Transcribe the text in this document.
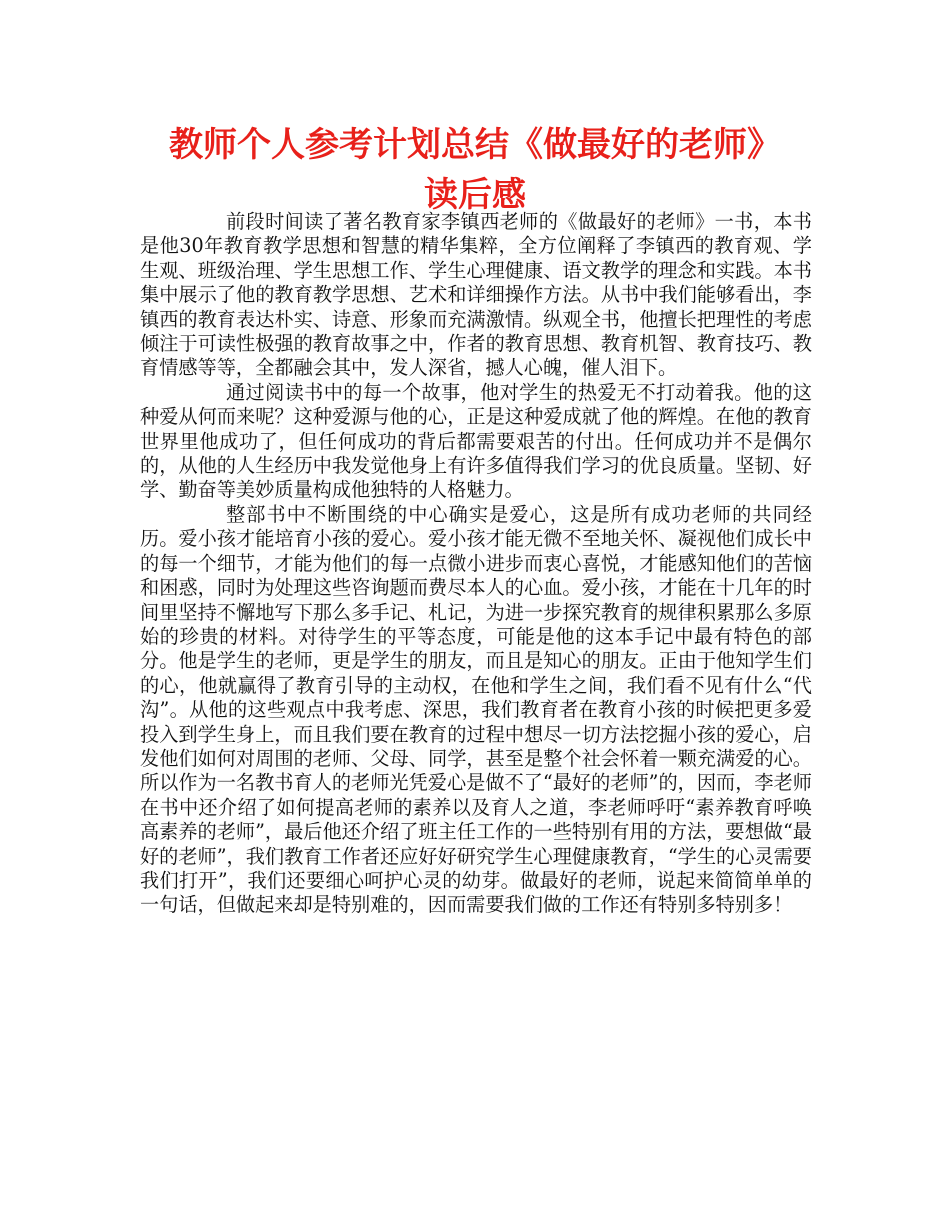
教师个人参考计划总结《做最好的老师》
读后感

前段时间读了著名教育家李镇西老师的《做最好的老师》一书，本书是他30年教育教学思想和智慧的精华集粹，全方位阐释了李镇西的教育观、学生观、班级治理、学生思想工作、学生心理健康、语文教学的理念和实践。本书集中展示了他的教育教学思想、艺术和详细操作方法。从书中我们能够看出，李镇西的教育表达朴实、诗意、形象而充满激情。纵观全书，他擅长把理性的考虑倾注于可读性极强的教育故事之中，作者的教育思想、教育机智、教育技巧、教育情感等等，全都融会其中，发人深省，撼人心魄，催人泪下。

通过阅读书中的每一个故事，他对学生的热爱无不打动着我。他的这种爱从何而来呢？这种爱源与他的心，正是这种爱成就了他的辉煌。在他的教育世界里他成功了，但任何成功的背后都需要艰苦的付出。任何成功并不是偶尔的，从他的人生经历中我发觉他身上有许多值得我们学习的优良质量。坚韧、好学、勤奋等美妙质量构成他独特的人格魅力。

整部书中不断围绕的中心确实是爱心，这是所有成功老师的共同经历。爱小孩才能培育小孩的爱心。爱小孩才能无微不至地关怀、凝视他们成长中的每一个细节，才能为他们的每一点微小进步而衷心喜悦，才能感知他们的苦恼和困惑，同时为处理这些咨询题而费尽本人的心血。爱小孩，才能在十几年的时间里坚持不懈地写下那么多手记、札记，为进一步探究教育的规律积累那么多原始的珍贵的材料。对待学生的平等态度，可能是他的这本手记中最有特色的部分。他是学生的老师，更是学生的朋友，而且是知心的朋友。正由于他知学生们的心，他就赢得了教育引导的主动权，在他和学生之间，我们看不见有什么“代沟”。从他的这些观点中我考虑、深思，我们教育者在教育小孩的时候把更多爱投入到学生身上，而且我们要在教育的过程中想尽一切方法挖掘小孩的爱心，启发他们如何对周围的老师、父母、同学，甚至是整个社会怀着一颗充满爱的心。所以作为一名教书育人的老师光凭爱心是做不了“最好的老师”的，因而，李老师在书中还介绍了如何提高老师的素养以及育人之道，李老师呼吁“素养教育呼唤高素养的老师”，最后他还介绍了班主任工作的一些特别有用的方法，要想做“最好的老师”，我们教育工作者还应好好研究学生心理健康教育，“学生的心灵需要我们打开”，我们还要细心呵护心灵的幼芽。做最好的老师，说起来简简单单的一句话，但做起来却是特别难的，因而需要我们做的工作还有特别多特别多！
